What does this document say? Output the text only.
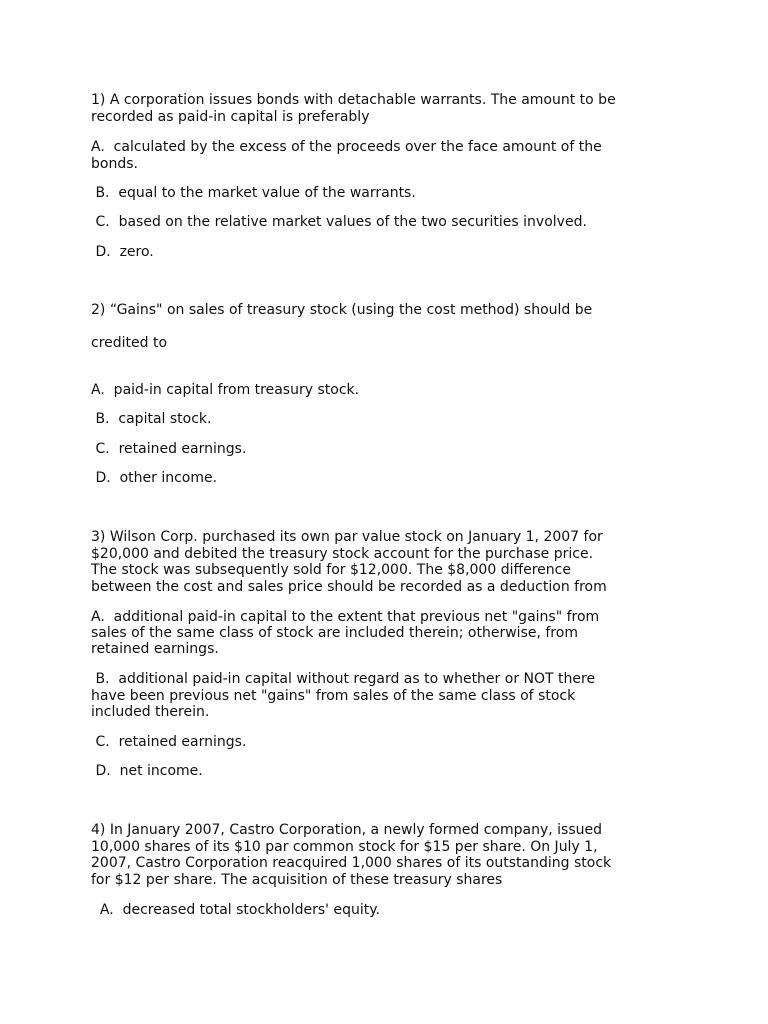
1) A corporation issues bonds with detachable warrants. The amount to be

recorded as paid-in capital is preferably

A.  calculated by the excess of the proceeds over the face amount of the

bonds.

B.  equal to the market value of the warrants.

C.  based on the relative market values of the two securities involved.

D.  zero.

2) “Gains" on sales of treasury stock (using the cost method) should be

credited to

A.  paid-in capital from treasury stock.

B.  capital stock.

C.  retained earnings.

D.  other income.

3) Wilson Corp. purchased its own par value stock on January 1, 2007 for

$20,000 and debited the treasury stock account for the purchase price.

The stock was subsequently sold for $12,000. The $8,000 difference

between the cost and sales price should be recorded as a deduction from

A.  additional paid-in capital to the extent that previous net "gains" from

sales of the same class of stock are included therein; otherwise, from

retained earnings.

B.  additional paid-in capital without regard as to whether or NOT there

have been previous net "gains" from sales of the same class of stock

included therein.

C.  retained earnings.

D.  net income.

4) In January 2007, Castro Corporation, a newly formed company, issued

10,000 shares of its $10 par common stock for $15 per share. On July 1,

2007, Castro Corporation reacquired 1,000 shares of its outstanding stock

for $12 per share. The acquisition of these treasury shares

A.  decreased total stockholders' equity.
